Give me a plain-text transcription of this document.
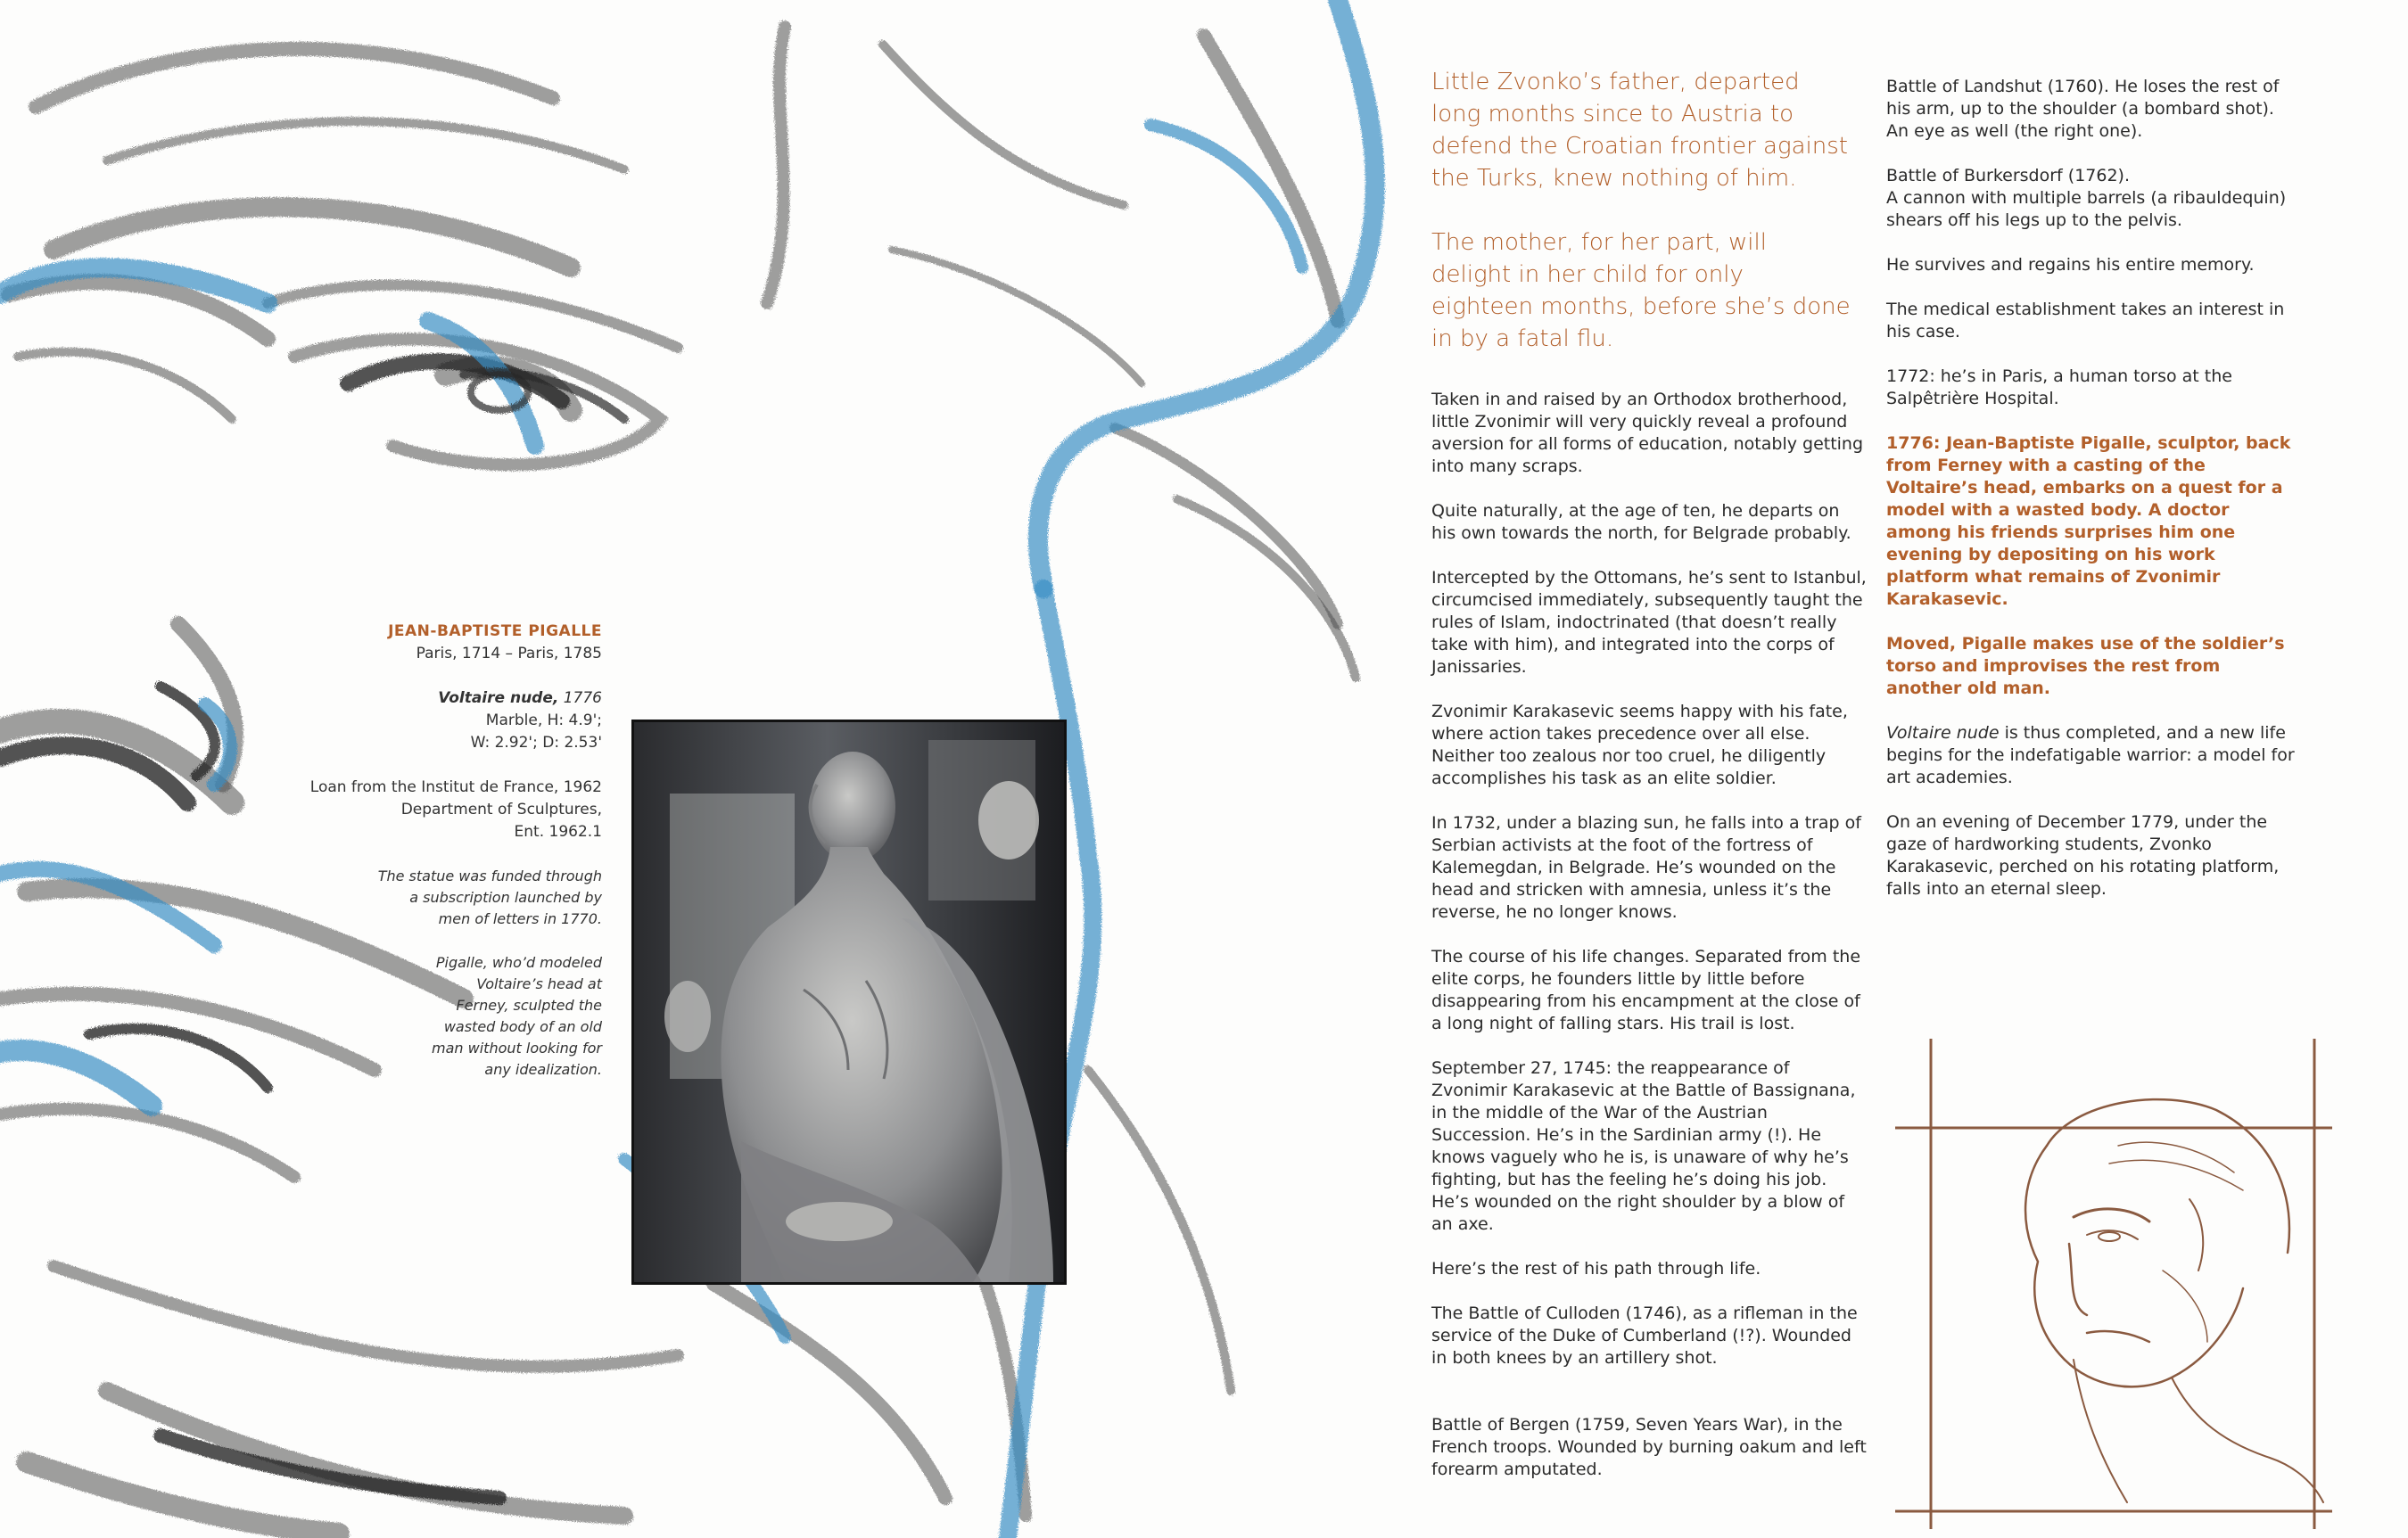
JEAN-BAPTISTE PIGALLE

Paris, 1714 – Paris, 1785

Voltaire nude, 1776

Marble, H: 4.9';

W: 2.92'; D: 2.53'

Loan from the Institut de France, 1962

Department of Sculptures,

Ent. 1962.1

The statue was funded through a subscription launched by men of letters in 1770.

Pigalle, who’d modeled Voltaire’s head at Ferney, sculpted the wasted body of an old man without looking for any idealization.

Little Zvonko’s father, departed long months since to Austria to defend the Croatian frontier against the Turks, knew nothing of him.

The mother, for her part, will delight in her child for only eighteen months, before she’s done in by a fatal flu.

Taken in and raised by an Orthodox brotherhood, little Zvonimir will very quickly reveal a profound aversion for all forms of education, notably getting into many scraps.

Quite naturally, at the age of ten, he departs on his own towards the north, for Belgrade probably.

Intercepted by the Ottomans, he’s sent to Istanbul, circumcised immediately, subsequently taught the rules of Islam, indoctrinated (that doesn’t really take with him), and integrated into the corps of Janissaries.

Zvonimir Karakasevic seems happy with his fate, where action takes precedence over all else. Neither too zealous nor too cruel, he diligently accomplishes his task as an elite soldier.

In 1732, under a blazing sun, he falls into a trap of Serbian activists at the foot of the fortress of Kalemegdan, in Belgrade. He’s wounded on the head and stricken with amnesia, unless it’s the reverse, he no longer knows.

The course of his life changes. Separated from the elite corps, he founders little by little before disappearing from his encampment at the close of a long night of falling stars. His trail is lost.

September 27, 1745: the reappearance of Zvonimir Karakasevic at the Battle of Bassignana, in the middle of the War of the Austrian Succession. He’s in the Sardinian army (!). He knows vaguely who he is, is unaware of why he’s fighting, but has the feeling he’s doing his job. He’s wounded on the right shoulder by a blow of an axe.

Here’s the rest of his path through life.

The Battle of Culloden (1746), as a rifleman in the service of the Duke of Cumberland (!?). Wounded in both knees by an artillery shot.

Battle of Bergen (1759, Seven Years War), in the French troops. Wounded by burning oakum and left forearm amputated.

Battle of Landshut (1760). He loses the rest of his arm, up to the shoulder (a bombard shot). An eye as well (the right one).

Battle of Burkersdorf (1762).
A cannon with multiple barrels (a ribauldequin) shears off his legs up to the pelvis.

He survives and regains his entire memory.

The medical establishment takes an interest in his case.

1772: he’s in Paris, a human torso at the Salpêtrière Hospital.

1776: Jean-Baptiste Pigalle, sculptor, back from Ferney with a casting of the Voltaire’s head, embarks on a quest for a model with a wasted body. A doctor among his friends surprises him one evening by depositing on his work platform what remains of Zvonimir Karakasevic.

Moved, Pigalle makes use of the soldier’s torso and improvises the rest from another old man.

Voltaire nude is thus completed, and a new life begins for the indefatigable warrior: a model for art academies.

On an evening of December 1779, under the gaze of hardworking students, Zvonko Karakasevic, perched on his rotating platform, falls into an eternal sleep.
